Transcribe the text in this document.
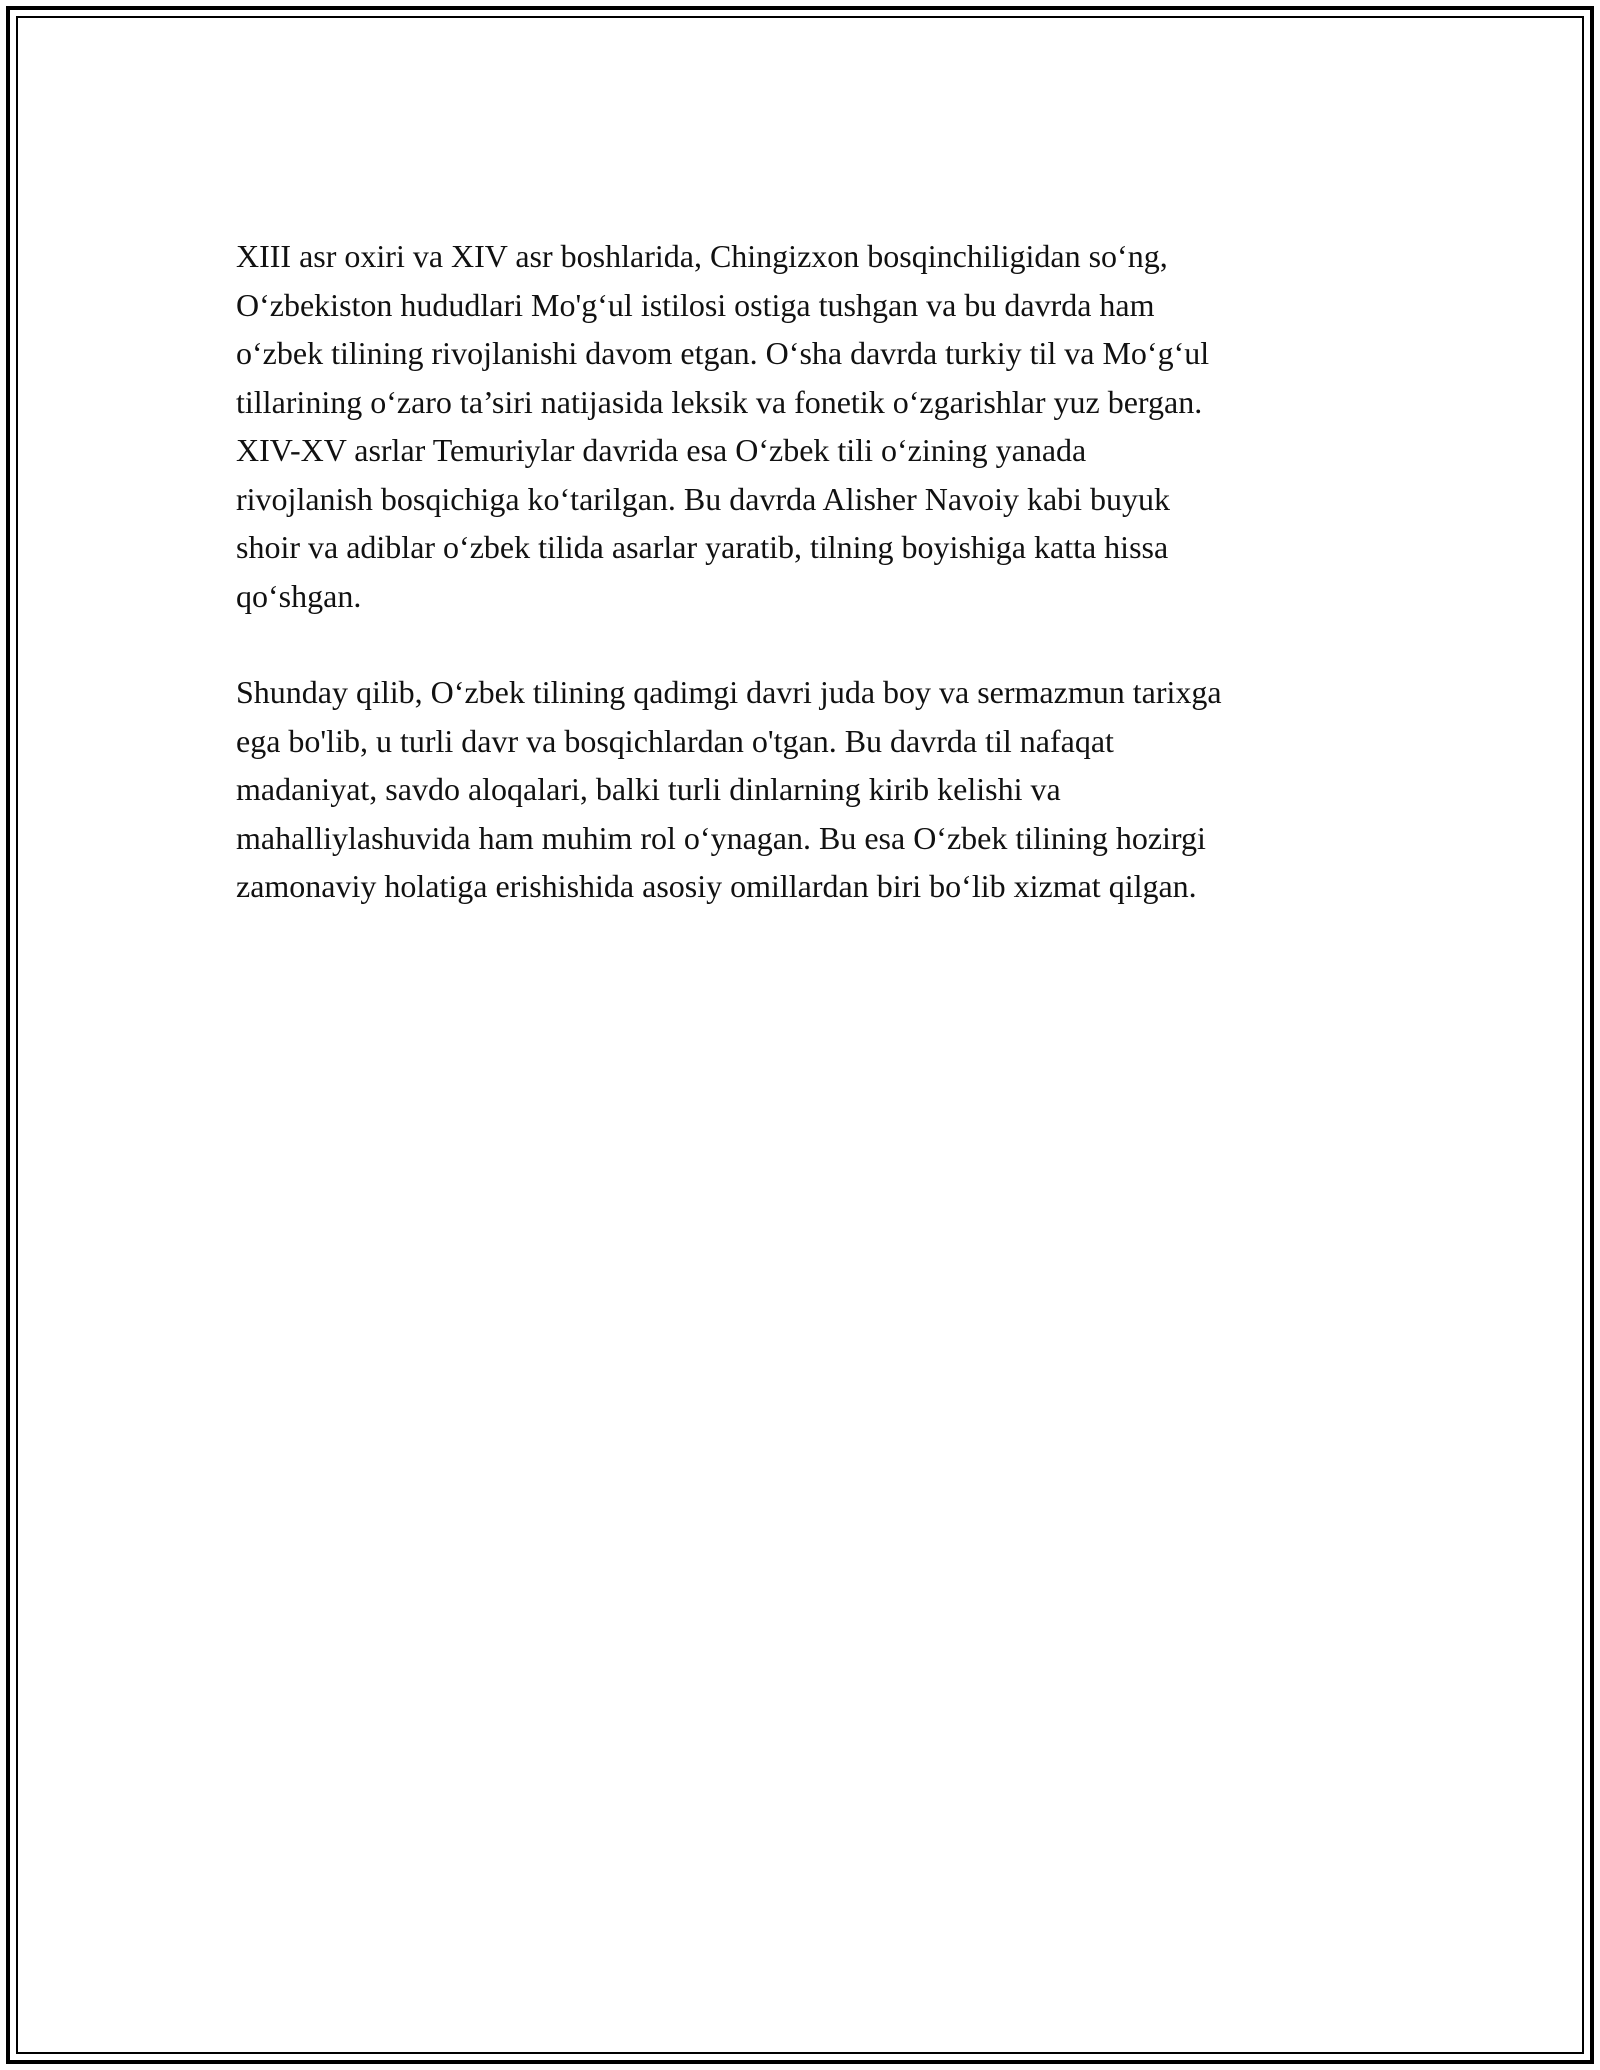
XIII asr oxiri va XIV asr boshlarida, Chingizxon bosqinchiligidan so‘ng,
O‘zbekiston hududlari Mo'g‘ul istilosi ostiga tushgan va bu davrda ham
o‘zbek tilining rivojlanishi davom etgan. O‘sha davrda turkiy til va Mo‘g‘ul
tillarining o‘zaro ta’siri natijasida leksik va fonetik o‘zgarishlar yuz bergan.
XIV-XV asrlar Temuriylar davrida esa O‘zbek tili o‘zining yanada
rivojlanish bosqichiga ko‘tarilgan. Bu davrda Alisher Navoiy kabi buyuk
shoir va adiblar o‘zbek tilida asarlar yaratib, tilning boyishiga katta hissa
qo‘shgan.

Shunday qilib, O‘zbek tilining qadimgi davri juda boy va sermazmun tarixga
ega bo'lib, u turli davr va bosqichlardan o'tgan. Bu davrda til nafaqat
madaniyat, savdo aloqalari, balki turli dinlarning kirib kelishi va
mahalliylashuvida ham muhim rol o‘ynagan. Bu esa O‘zbek tilining hozirgi
zamonaviy holatiga erishishida asosiy omillardan biri bo‘lib xizmat qilgan.
